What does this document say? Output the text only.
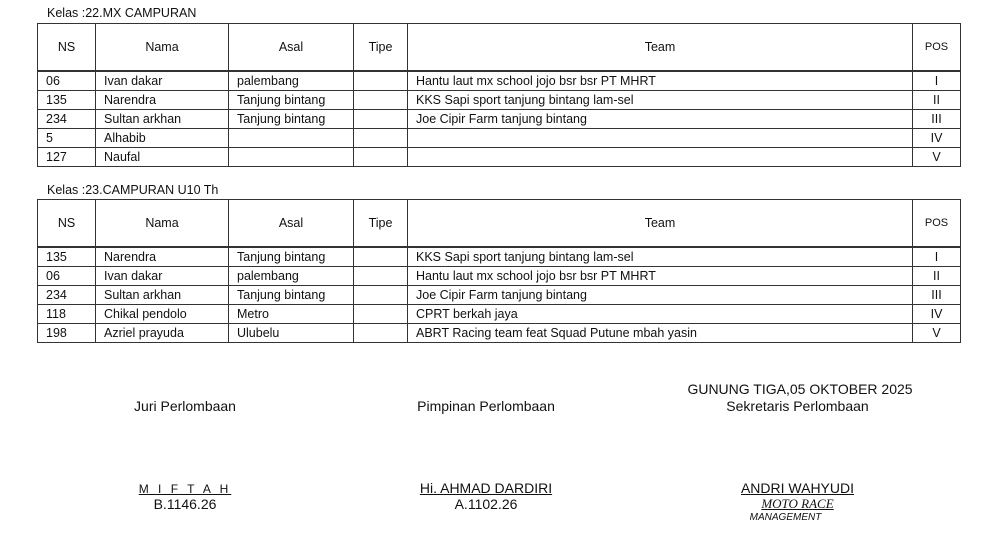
Kelas :22.MX CAMPURAN
NS	Nama	Asal	Tipe	Team	POS
06	Ivan dakar	palembang		Hantu laut mx school jojo bsr bsr PT MHRT	I
135	Narendra	Tanjung bintang		KKS Sapi sport tanjung bintang lam-sel	II
234	Sultan arkhan	Tanjung bintang		Joe Cipir Farm tanjung bintang	III
5	Alhabib				IV
127	Naufal				V
Kelas :23.CAMPURAN U10 Th
NS	Nama	Asal	Tipe	Team	POS
135	Narendra	Tanjung bintang		KKS Sapi sport tanjung bintang lam-sel	I
06	Ivan dakar	palembang		Hantu laut mx school jojo bsr bsr PT MHRT	II
234	Sultan arkhan	Tanjung bintang		Joe Cipir Farm tanjung bintang	III
118	Chikal pendolo	Metro		CPRT berkah jaya	IV
198	Azriel prayuda	Ulubelu		ABRT Racing team feat Squad Putune mbah yasin	V
GUNUNG TIGA,05 OKTOBER 2025
Juri Perlombaan
M I F T A H
B.1146.26
Pimpinan Perlombaan
Hi. AHMAD DARDIRI
A.1102.26
Sekretaris Perlombaan
ANDRI WAHYUDI
MOTO RACE
MANAGEMENT
